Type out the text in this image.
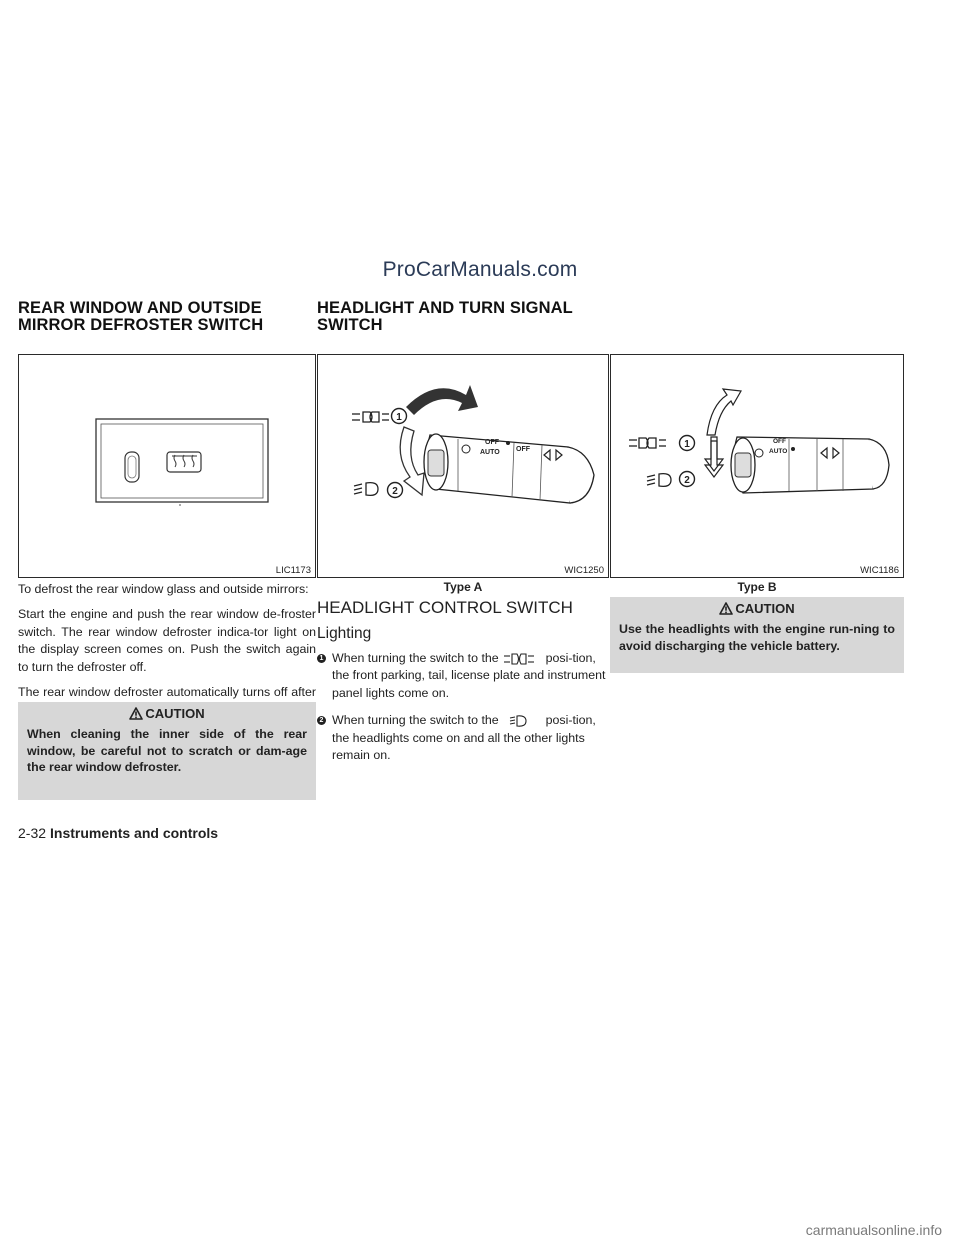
ProCarManuals.com
REAR WINDOW AND OUTSIDE
MIRROR DEFROSTER SWITCH
HEADLIGHT AND TURN SIGNAL
SWITCH
LIC1173

To defrost the rear window glass and outside mirrors:

Start the engine and push the rear window de-froster switch. The rear window defroster indica-tor light on the display screen comes on. Push the switch again to turn the defroster off.

The rear window defroster automatically turns off after

CAUTION

When cleaning the inner side of the rear window, be careful not to scratch or dam-age the rear window defroster.

1
2
OFF
AUTO OFF
WIC1250
Type A
1
2
OFF
AUTO
WIC1186
Type B
HEADLIGHT CONTROL SWITCH
Lighting
1 When turning the switch to the	posi-tion, the front parking, tail, license plate and instrument panel lights come on.

2 When turning the switch to the	posi-tion, the headlights come on and all the other lights remain on.

CAUTION

Use the headlights with the engine run-ning to avoid discharging the vehicle battery.

2-32 Instruments and controls
carmanualsonline.info
